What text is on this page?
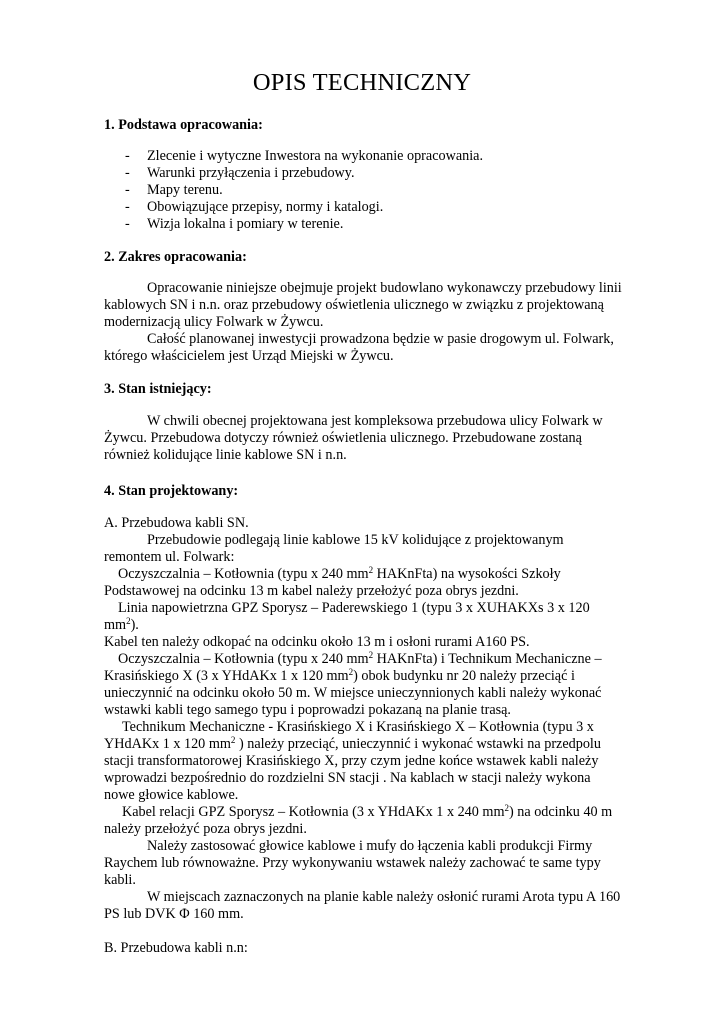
OPIS TECHNICZNY
1. Podstawa opracowania:
- Zlecenie i wytyczne Inwestora na wykonanie opracowania.
- Warunki przyłączenia i przebudowy.
- Mapy terenu.
- Obowiązujące przepisy, normy i katalogi.
- Wizja lokalna i pomiary w terenie.
2. Zakres opracowania:
Opracowanie niniejsze obejmuje projekt budowlano wykonawczy przebudowy linii
kablowych SN i n.n. oraz przebudowy oświetlenia ulicznego w związku z projektowaną
modernizacją ulicy Folwark w Żywcu.
Całość planowanej inwestycji prowadzona będzie w pasie drogowym ul. Folwark,
którego właścicielem jest Urząd Miejski w Żywcu.
3. Stan istniejący:
W chwili obecnej projektowana jest kompleksowa przebudowa ulicy Folwark w
Żywcu. Przebudowa dotyczy również oświetlenia ulicznego. Przebudowane zostaną
również kolidujące linie kablowe SN i n.n.
4. Stan projektowany:
A. Przebudowa kabli SN.
Przebudowie podlegają linie kablowe 15 kV kolidujące z projektowanym
remontem ul. Folwark:
Oczyszczalnia – Kotłownia (typu x 240 $mm^2$ HAKnFta) na wysokości Szkoły
Podstawowej na odcinku 13 m kabel należy przełożyć poza obrys jezdni.
Linia napowietrzna GPZ Sporysz – Paderewskiego 1 (typu 3 x XUHAKXs 3 x 120
$mm^2$).
Kabel ten należy odkopać na odcinku około 13 m i osłoni rurami A160 PS.
Oczyszczalnia – Kotłownia (typu x 240 $mm^2$ HAKnFta) i Technikum Mechaniczne –
Krasińskiego X (3 x YHdAKx 1 x 120 $mm^2$) obok budynku nr 20 należy przeciąć i
unieczynnić na odcinku około 50 m. W miejsce unieczynnionych kabli należy wykonać
wstawki kabli tego samego typu i poprowadzi pokazaną na planie trasą.
Technikum Mechaniczne - Krasińskiego X i Krasińskiego X – Kotłownia (typu 3 x
YHdAKx 1 x 120 $mm^2$ ) należy przeciąć, unieczynnić i wykonać wstawki na przedpolu
stacji transformatorowej Krasińskiego X, przy czym jedne końce wstawek kabli należy
wprowadzi bezpośrednio do rozdzielni SN stacji . Na kablach w stacji należy wykona
nowe głowice kablowe.
Kabel relacji GPZ Sporysz – Kotłownia (3 x YHdAKx 1 x 240 $mm^2$) na odcinku 40 m
należy przełożyć poza obrys jezdni.
Należy zastosować głowice kablowe i mufy do łączenia kabli produkcji Firmy
Raychem lub równoważne. Przy wykonywaniu wstawek należy zachować te same typy
kabli.
W miejscach zaznaczonych na planie kable należy osłonić rurami Arota typu A 160
PS lub DVK Φ 160 mm.
B. Przebudowa kabli n.n:
